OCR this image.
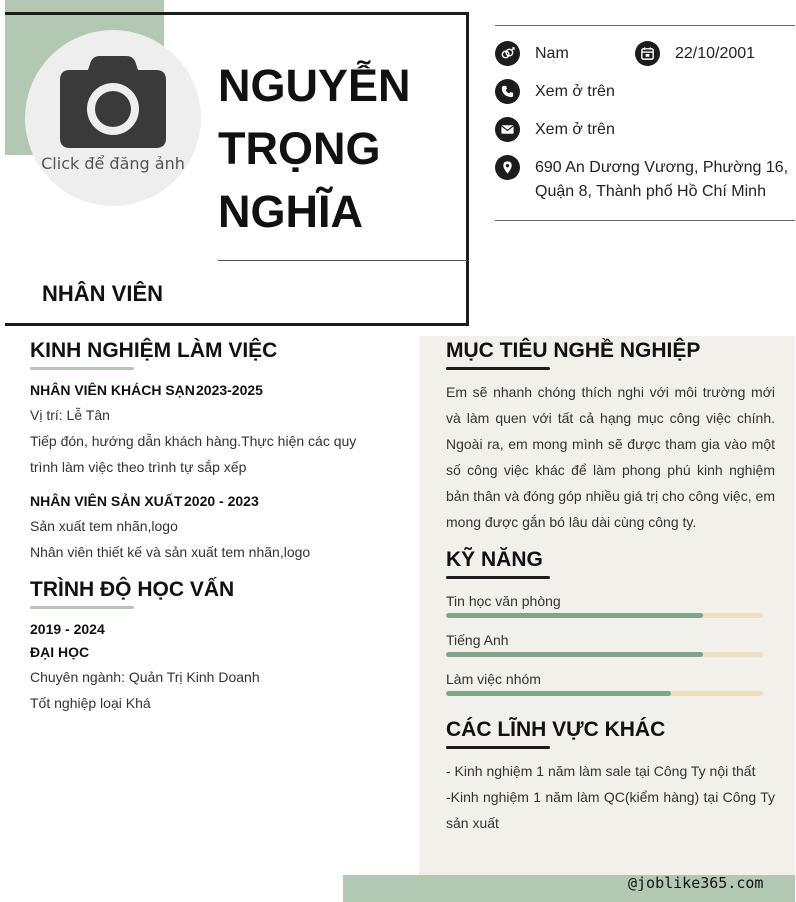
Click để đăng ảnh
NGUYỄN
TRỌNG
NGHĨA
NHÂN VIÊN
Nam	22/10/2001
Xem ở trên
Xem ở trên
690 An Dương Vương, Phường 16,
Quận 8, Thành phố Hồ Chí Minh
KINH NGHIỆM LÀM VIỆC
NHÂN VIÊN KHÁCH SẠN 2023-2025
Vị trí: Lễ Tân
Tiếp đón, hướng dẫn khách hàng.Thực hiện các quy
trình làm việc theo trình tự sắp xếp
NHÂN VIÊN SẢN XUẤT 2020 - 2023
Sản xuất tem nhãn,logo
Nhân viên thiết kế và sản xuất tem nhãn,logo
TRÌNH ĐỘ HỌC VẤN
2019 - 2024
ĐẠI HỌC
Chuyên ngành: Quản Trị Kinh Doanh
Tốt nghiệp loại Khá
MỤC TIÊU NGHỀ NGHIỆP
Em sẽ nhanh chóng thích nghi với môi trường mới và làm quen với tất cả hạng mục công việc chính. Ngoài ra, em mong mình sẽ được tham gia vào một số công việc khác để làm phong phú kinh nghiệm bản thân và đóng góp nhiều giá trị cho công việc, em mong được gắn bó lâu dài cùng công ty.
KỸ NĂNG
Tin học văn phòng
Tiếng Anh
Làm việc nhóm
CÁC LĨNH VỰC KHÁC
- Kinh nghiệm 1 năm làm sale tại Công Ty nội thất
-Kinh nghiệm 1 năm làm QC(kiểm hàng) tại Công Ty sản xuất
@joblike365.com
